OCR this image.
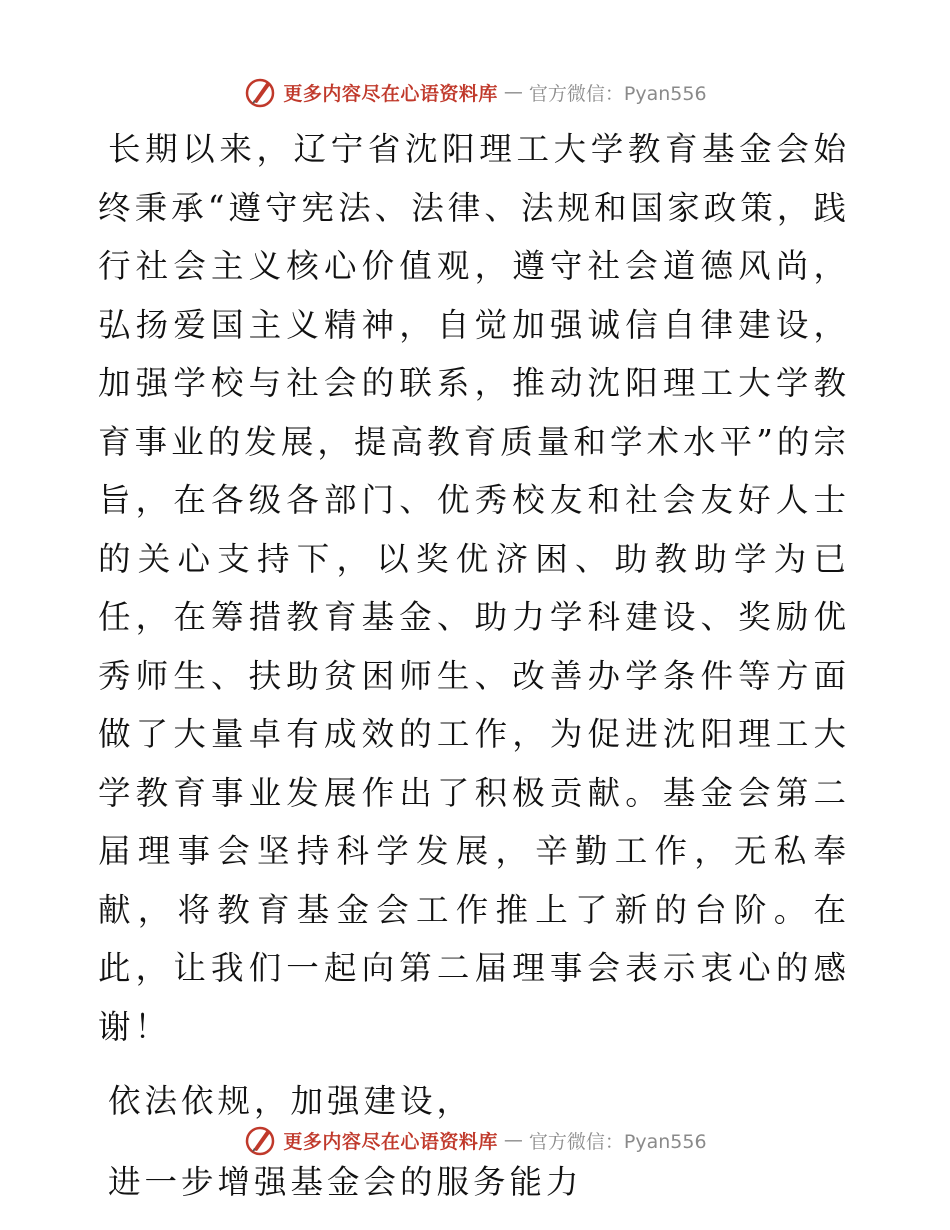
更多内容尽在心语资料库 — 官方微信：Pyan556

长期以来，辽宁省沈阳理工大学教育基金会始终秉承“遵守宪法、法律、法规和国家政策，践行社会主义核心价值观，遵守社会道德风尚，弘扬爱国主义精神，自觉加强诚信自律建设，加强学校与社会的联系，推动沈阳理工大学教育事业的发展，提高教育质量和学术水平”的宗旨，在各级各部门、优秀校友和社会友好人士的关心支持下，以奖优济困、助教助学为已任，在筹措教育基金、助力学科建设、奖励优秀师生、扶助贫困师生、改善办学条件等方面做了大量卓有成效的工作，为促进沈阳理工大学教育事业发展作出了积极贡献。基金会第二届理事会坚持科学发展，辛勤工作，无私奉献，将教育基金会工作推上了新的台阶。在此，让我们一起向第二届理事会表示衷心的感谢！

依法依规，加强建设，

进一步增强基金会的服务能力

更多内容尽在心语资料库 — 官方微信：Pyan556
